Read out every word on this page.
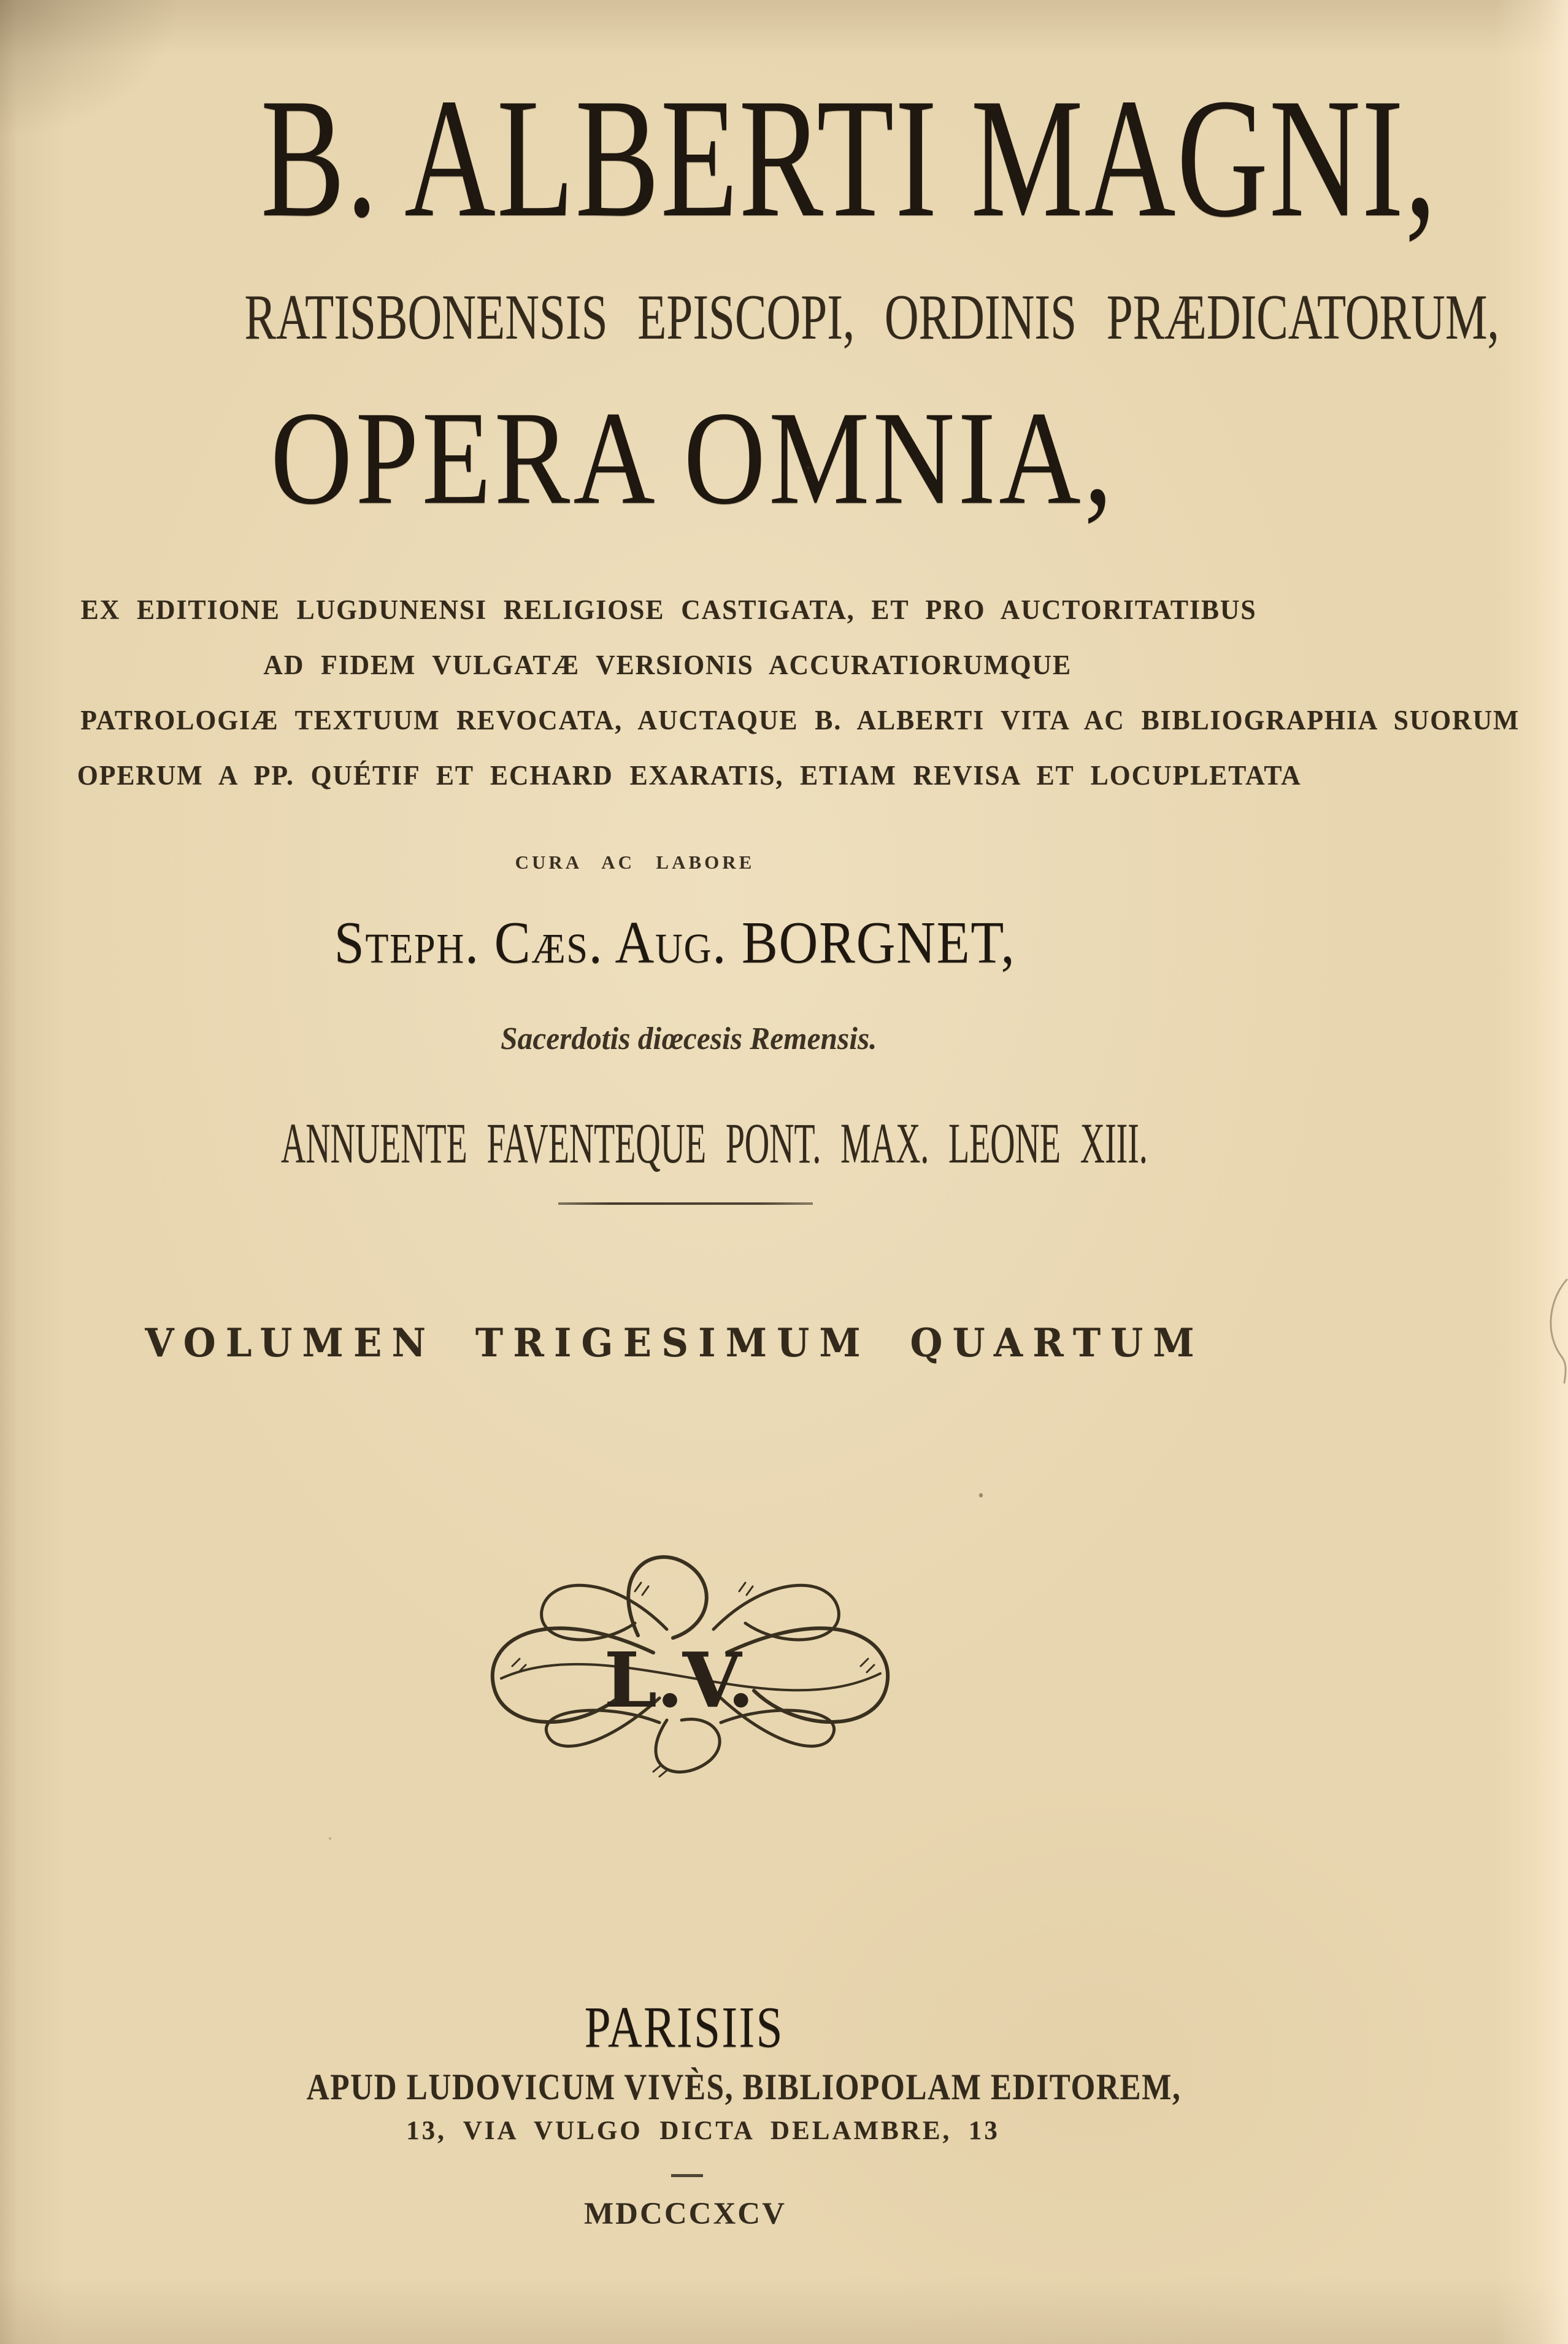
B. ALBERTI MAGNI,
RATISBONENSIS EPISCOPI, ORDINIS PRÆDICATORUM,
OPERA OMNIA,
EX EDITIONE LUGDUNENSI RELIGIOSE CASTIGATA, ET PRO AUCTORITATIBUS
AD FIDEM VULGATÆ VERSIONIS ACCURATIORUMQUE
PATROLOGIÆ TEXTUUM REVOCATA, AUCTAQUE B. ALBERTI VITA AC BIBLIOGRAPHIA SUORUM
OPERUM A PP. QUÉTIF ET ECHARD EXARATIS, ETIAM REVISA ET LOCUPLETATA
CURA AC LABORE
Steph. Cæs. Aug. BORGNET,
Sacerdotis diœcesis Remensis.
ANNUENTE FAVENTEQUE PONT. MAX. LEONE XIII.
VOLUMEN TRIGESIMUM QUARTUM
L.V.
PARISIIS
APUD LUDOVICUM VIVÈS, BIBLIOPOLAM EDITOREM,
13, VIA VULGO DICTA DELAMBRE, 13
MDCCCXCV
